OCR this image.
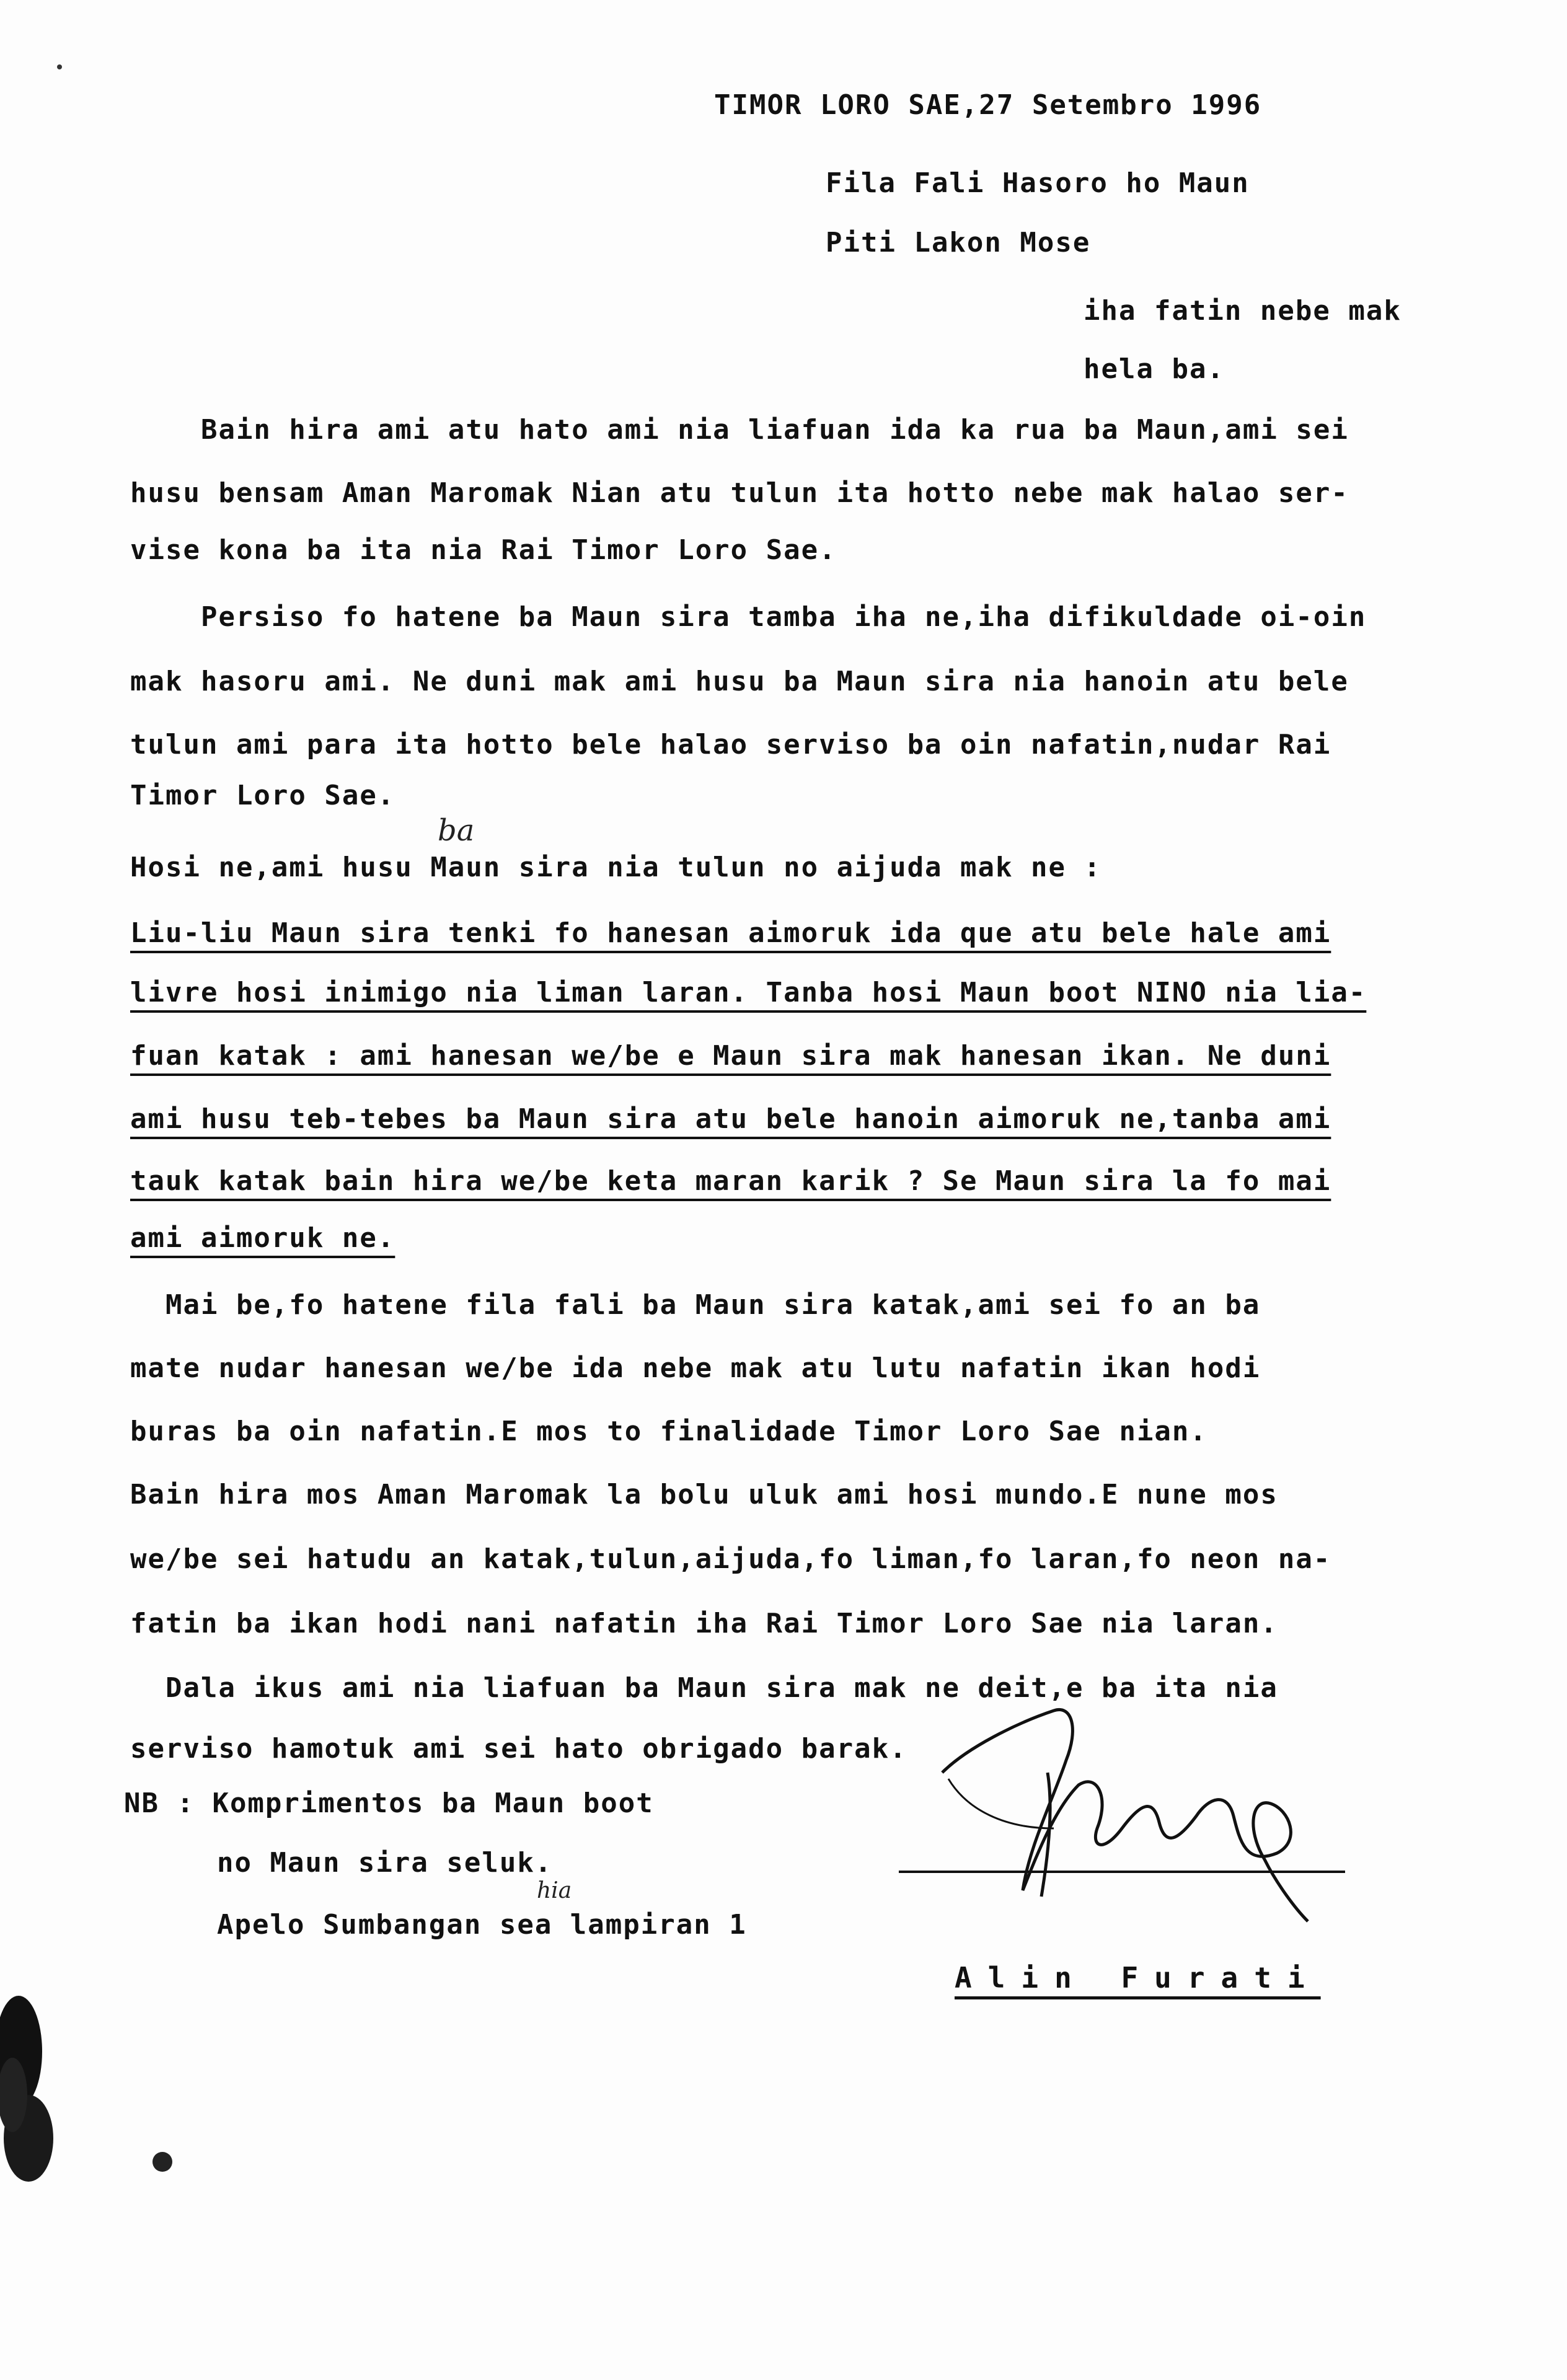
TIMOR LORO SAE,27 Setembro 1996
Fila Fali Hasoro ho Maun
Piti Lakon Mose
iha fatin nebe mak
hela ba.
Bain hira ami atu hato ami nia liafuan ida ka rua ba Maun,ami sei
husu bensam Aman Maromak Nian atu tulun ita hotto nebe mak halao ser-
vise kona ba ita nia Rai Timor Loro Sae.
Persiso fo hatene ba Maun sira tamba iha ne,iha difikuldade oi-oin
mak hasoru ami. Ne duni mak ami husu ba Maun sira nia hanoin atu bele
tulun ami para ita hotto bele halao serviso ba oin nafatin,nudar Rai
Timor Loro Sae.
Hosi ne,ami husu Maun sira nia tulun no aijuda mak ne :
ba
Liu-liu Maun sira tenki fo hanesan aimoruk ida que atu bele hale ami
livre hosi inimigo nia liman laran. Tanba hosi Maun boot NINO nia lia-
fuan katak : ami hanesan we/be e Maun sira mak hanesan ikan. Ne duni
ami husu teb-tebes ba Maun sira atu bele hanoin aimoruk ne,tanba ami
tauk katak bain hira we/be keta maran karik ? Se Maun sira la fo mai
ami aimoruk ne.
Mai be,fo hatene fila fali ba Maun sira katak,ami sei fo an ba
mate nudar hanesan we/be ida nebe mak atu lutu nafatin ikan hodi
buras ba oin nafatin.E mos to finalidade Timor Loro Sae nian.
Bain hira mos Aman Maromak la bolu uluk ami hosi mundo.E nune mos
we/be sei hatudu an katak,tulun,aijuda,fo liman,fo laran,fo neon na-
fatin ba ikan hodi nani nafatin iha Rai Timor Loro Sae nia laran.
Dala ikus ami nia liafuan ba Maun sira mak ne deit,e ba ita nia
serviso hamotuk ami sei hato obrigado barak.
NB : Komprimentos ba Maun boot
no Maun sira seluk.
Apelo Sumbangan sea lampiran 1
hia
Alin Furati
